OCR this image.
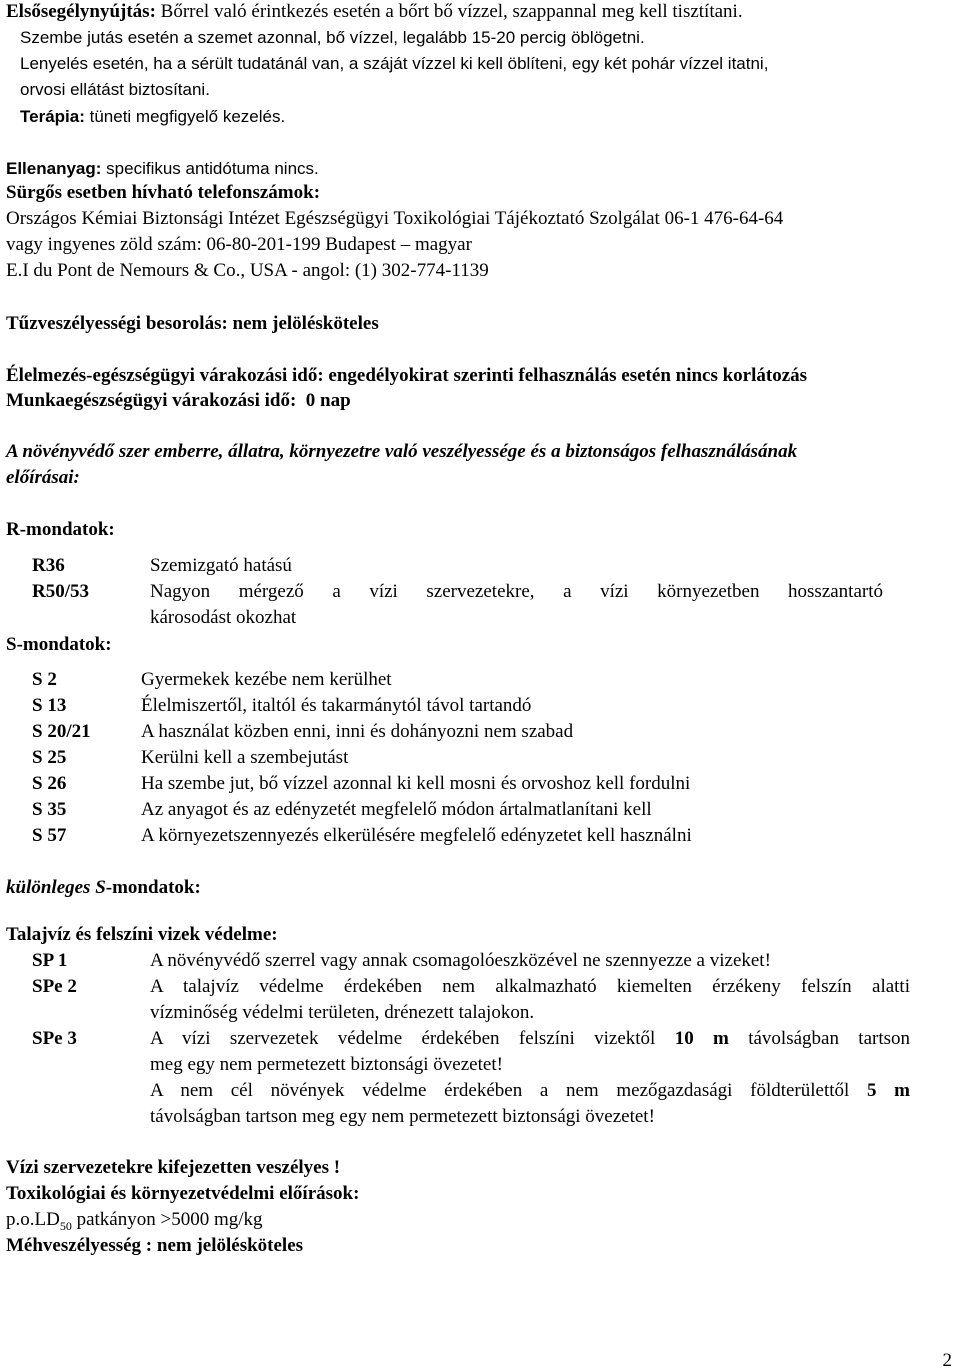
Elsősegélynyújtás: Bőrrel való érintkezés esetén a bőrt bő vízzel, szappannal meg kell tisztítani.
Szembe jutás esetén a szemet azonnal, bő vízzel, legalább 15-20 percig öblögetni.
Lenyelés esetén, ha a sérült tudatánál van, a száját vízzel ki kell öblíteni, egy két pohár vízzel itatni,
orvosi ellátást biztosítani.
Terápia: tüneti megfigyelő kezelés.
Ellenanyag: specifikus antidótuma nincs.
Sürgős esetben hívható telefonszámok:
Országos Kémiai Biztonsági Intézet Egészségügyi Toxikológiai Tájékoztató Szolgálat 06-1 476-64-64
vagy ingyenes zöld szám: 06-80-201-199 Budapest – magyar
E.I du Pont de Nemours & Co., USA - angol: (1) 302-774-1139
Tűzveszélyességi besorolás: nem jelölésköteles
Élelmezés-egészségügyi várakozási idő: engedélyokirat szerinti felhasználás esetén nincs korlátozás
Munkaegészségügyi várakozási idő: 0 nap
A növényvédő szer emberre, állatra, környezetre való veszélyessége és a biztonságos felhasználásának
előírásai:
R-mondatok:
R36	Szemizgató hatású
R50/53	Nagyon mérgező a vízi szervezetekre, a vízi környezetben hosszantartó
károsodást okozhat
S-mondatok:
S 2	Gyermekek kezébe nem kerülhet
S 13	Élelmiszertől, italtól és takarmánytól távol tartandó
S 20/21	A használat közben enni, inni és dohányozni nem szabad
S 25	Kerülni kell a szembejutást
S 26	Ha szembe jut, bő vízzel azonnal ki kell mosni és orvoshoz kell fordulni
S 35	Az anyagot és az edényzetét megfelelő módon ártalmatlanítani kell
S 57	A környezetszennyezés elkerülésére megfelelő edényzetet kell használni
különleges S-mondatok:
Talajvíz és felszíni vizek védelme:
SP 1	A növényvédő szerrel vagy annak csomagolóeszközével ne szennyezze a vizeket!
SPe 2	A talajvíz védelme érdekében nem alkalmazható kiemelten érzékeny felszín alatti
vízminőség védelmi területen, drénezett talajokon.
SPe 3	A vízi szervezetek védelme érdekében felszíni vizektől 10 m távolságban tartson
meg egy nem permetezett biztonsági övezetet!
A nem cél növények védelme érdekében a nem mezőgazdasági földterülettől 5 m
távolságban tartson meg egy nem permetezett biztonsági övezetet!
Vízi szervezetekre kifejezetten veszélyes !
Toxikológiai és környezetvédelmi előírások:
$p.o.LD_{50}$ patkányon >5000 mg/kg
Méhveszélyesség : nem jelölésköteles
2
